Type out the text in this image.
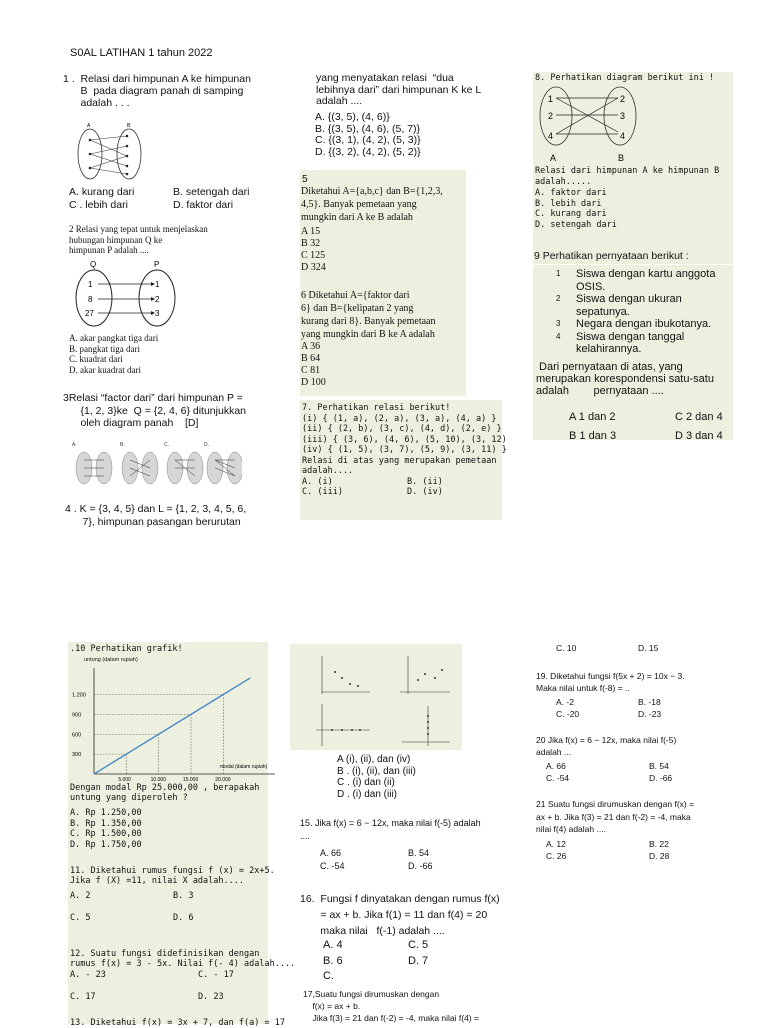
S0AL LATIHAN 1 tahun 2022
1 .  Relasi dari himpunan A ke himpunan
B  pada diagram panah di samping
adalah . . .
A	B
A. kurang dari	B. setengah dari
C . lebih dari	D. faktor dari
2 Relasi yang tepat untuk menjelaskan
hubungan himpunan Q ke
himpunan P adalah ....
Q	P
1
8
27
1
2
3
A. akar pangkat tiga dari
B. pangkat tiga dari
C. kuadrat dari
D. akar kuadrat dari
3Relasi “factor dari” dari himpunan P =
{1, 2, 3}ke  Q = {2, 4, 6} ditunjukkan
oleh diagram panah    [D]
A.	B.	C.	D.
4 . K = {3, 4, 5} dan L = {1, 2, 3, 4, 5, 6,
7}, himpunan pasangan berurutan
yang menyatakan relasi  “dua
lebihnya dari” dari himpunan K ke L
adalah ....
A. {(3, 5), (4, 6)}
B. {(3, 5), (4, 6), (5, 7)}
C. {(3, 1), (4, 2), (5, 3)}
D. {(3, 2), (4, 2), (5, 2)}
5
Diketahui A={a,b,c} dan B={1,2,3,
4,5}. Banyak pemetaan yang
mungkin dari A ke B adalah
A 15
B 32
C 125
D 324
6 Diketahui A={faktor dari
6} dan B={kelipatan 2 yang
kurang dari 8}. Banyak pemetaan
yang mungkin dari B ke A adalah
A 36
B 64
C 81
D 100
7. Perhatikan relasi berikut!
(i) { (1, a), (2, a), (3, a), (4, a) }
(ii) { (2, b), (3, c), (4, d), (2, e) }
(iii) { (3, 6), (4, 6), (5, 10), (3, 12)
(iv) { (1, 5), (3, 7), (5, 9), (3, 11) }
Relasi di atas yang merupakan pemetaan
adalah....
A. (i)	B. (ii)
C. (iii)	D. (iv)
8. Perhatikan diagram berikut ini !
1
2
4
2
3
4
A	B
Relasi dari himpunan A ke himpunan B
adalah.....
A. faktor dari
B. lebih dari
C. kurang dari
D. setengah dari
9 Perhatikan pernyataan berikut :
1	Siswa dengan kartu anggota
OSIS.
2	Siswa dengan ukuran
sepatunya.
3	Negara dengan ibukotanya.
4	Siswa dengan tanggal
kelahirannya.
Dari pernyataan di atas, yang
merupakan korespondensi satu-satu
adalah        pernyataan ....
A 1 dan 2	C 2 dan 4
B 1 dan 3	D 3 dan 4
.10 Perhatikan grafik!
untung (dalam rupiah)
5.000
300
10.000
600
15.000
900
20.000
1.200
modal (dalam rupiah)
Dengan modal Rp 25.000,00 , berapakah
untung yang diperoleh ?
A. Rp 1.250,00
B. Rp 1.350,00
C. Rp 1.500,00
D. Rp 1.750,00
11. Diketahui rumus fungsi f (x) = 2x+5.
Jika f (X) =11, nilai X adalah....
A. 2	B. 3
C. 5	D. 6
12. Suatu fungsi didefinisikan dengan
rumus f(x) = 3 - 5x. Nilai f(- 4) adalah....
A. - 23	C. - 17
C. 17	D. 23
13. Diketahui f(x) = 3x + 7, dan f(a) = 17
A (i), (ii), dan (iv)
B . (i), (ii), dan (iii)
C . (i) dan (ii)
D . (i) dan (iii)
15. Jika f(x) = 6 − 12x, maka nilai f(-5) adalah
....
A. 66	B. 54
C. -54	D. -66
16.  Fungsi f dinyatakan dengan rumus f(x)
= ax + b. Jika f(1) = 11 dan f(4) = 20
maka nilai   f(-1) adalah ....
A. 4	C. 5
B. 6	D. 7
C.
17,Suatu fungsi dirumuskan dengan
f(x) = ax + b.
Jika f(3) = 21 dan f(-2) = -4, maka nilai f(4) =
C. 10	D. 15
19. Diketahui fungsi f(5x + 2) = 10x − 3.
Maka nilai untuk f(-8) = ..
A. -2	B. -18
C. -20	D. -23
20 Jika f(x) = 6 − 12x, maka nilai f(-5)
adalah ...
A. 66	B. 54
C. -54	D. -66
21 Suatu fungsi dirumuskan dengan f(x) =
ax + b. Jika f(3) = 21 dan f(-2) = -4, maka
nilai f(4) adalah ....
A. 12	B. 22
C. 26	D. 28
